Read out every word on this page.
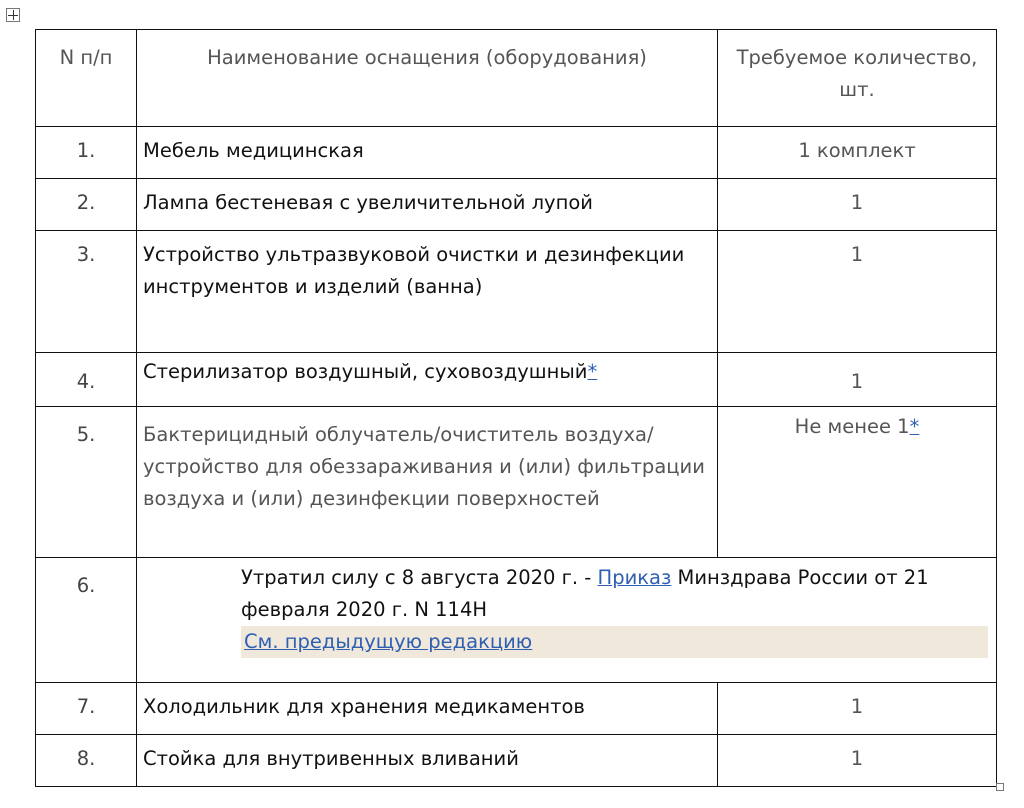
N п/п	Наименование оснащения (оборудования)	Требуемое количество, шт.
1.	Мебель медицинская	1 комплект
2.	Лампа бестеневая с увеличительной лупой	1
3.	Устройство ультразвуковой очистки и дезинфекции инструментов и изделий (ванна)	1
4.	Стерилизатор воздушный, суховоздушный*	1
5.	Бактерицидный облучатель/очиститель воздуха/устройство для обеззараживания и (или) фильтрации воздуха и (или) дезинфекции поверхностей	Не менее 1*
6.	Утратил силу с 8 августа 2020 г. - Приказ Минздрава России от 21 февраля 2020 г. N 114Н
См. предыдущую редакцию	

7.	Холодильник для хранения медикаментов	1
8.	Стойка для внутривенных вливаний	1
